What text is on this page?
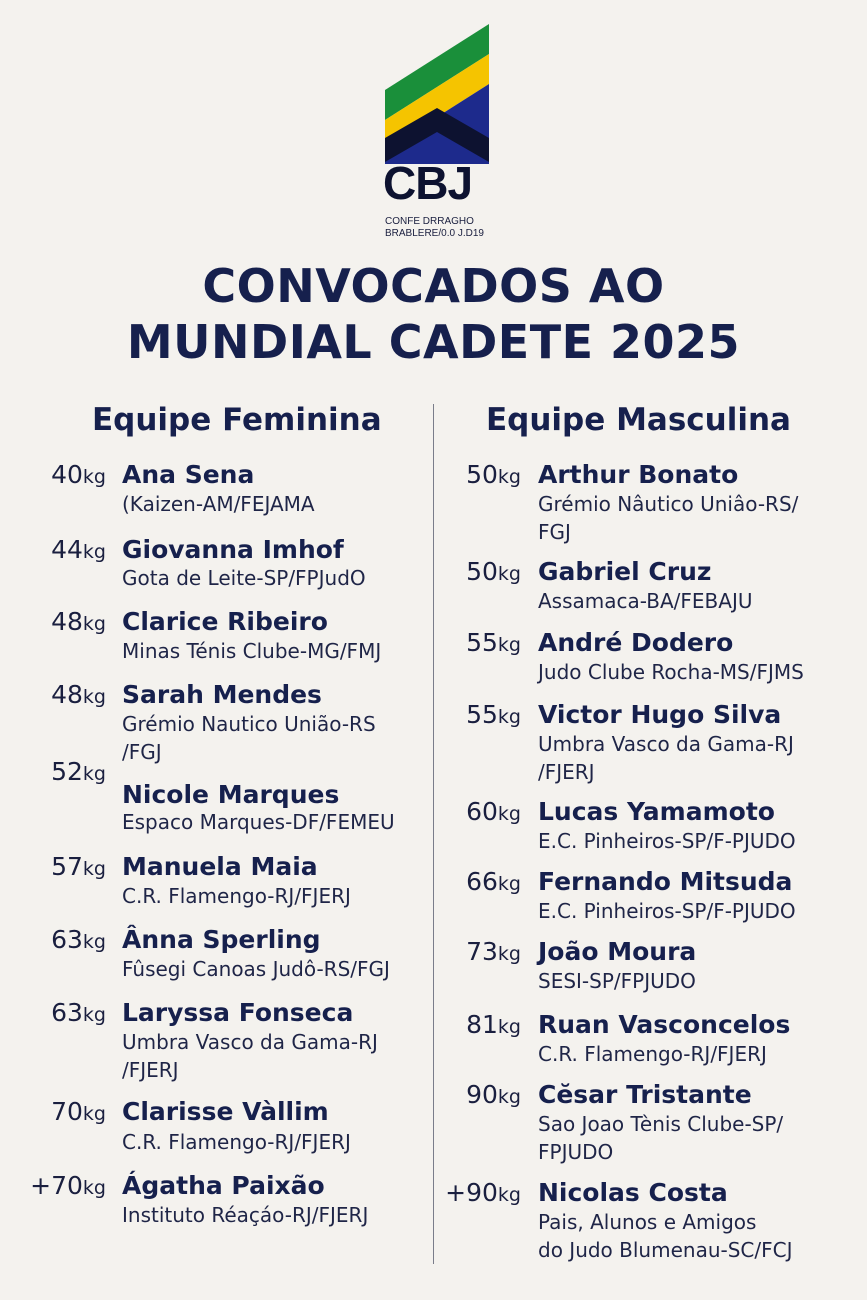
CBJ
CONFE DRRAGHO
BRABLERE/0.0 J.D19
CONVOCADOS AO
MUNDIAL CADETE 2025
Equipe Feminina	Equipe Masculina
40kg Ana Sena
(Kaizen-AM/FEJAMA
44kg Giovanna Imhof
Gota de Leite-SP/FPJudO
48kg Clarice Ribeiro
Minas Ténis Clube-MG/FMJ
48kg Sarah Mendes
Grémio Nautico União-RS
/FGJ
52kg
Nicole Marques
Espaco Marques-DF/FEMEU
57kg Manuela Maia
C.R. Flamengo-RJ/FJERJ
63kg Ânna Sperling
Fûsegi Canoas Judô-RS/FGJ
63kg Laryssa Fonseca
Umbra Vasco da Gama-RJ
/FJERJ
70kg Clarisse Vàllim
C.R. Flamengo-RJ/FJERJ
+70kg Ágatha Paixão
Instituto Réaçáo-RJ/FJERJ
50kg Arthur Bonato
Grémio Nâutico Uniâo-RS/
FGJ
50kg Gabriel Cruz
Assamaca-BA/FEBAJU
55kg André Dodero
Judo Clube Rocha-MS/FJMS
55kg Victor Hugo Silva
Umbra Vasco da Gama-RJ
/FJERJ
60kg Lucas Yamamoto
E.C. Pinheiros-SP/F-PJUDO
66kg Fernando Mitsuda
E.C. Pinheiros-SP/F-PJUDO
73kg João Moura
SESI-SP/FPJUDO
81kg Ruan Vasconcelos
C.R. Flamengo-RJ/FJERJ
90kg Cĕsar Tristante
Sao Joao Tènis Clube-SP/
FPJUDO
+90kg Nicolas Costa
Pais, Alunos e Amigos
do Judo Blumenau-SC/FCJ
